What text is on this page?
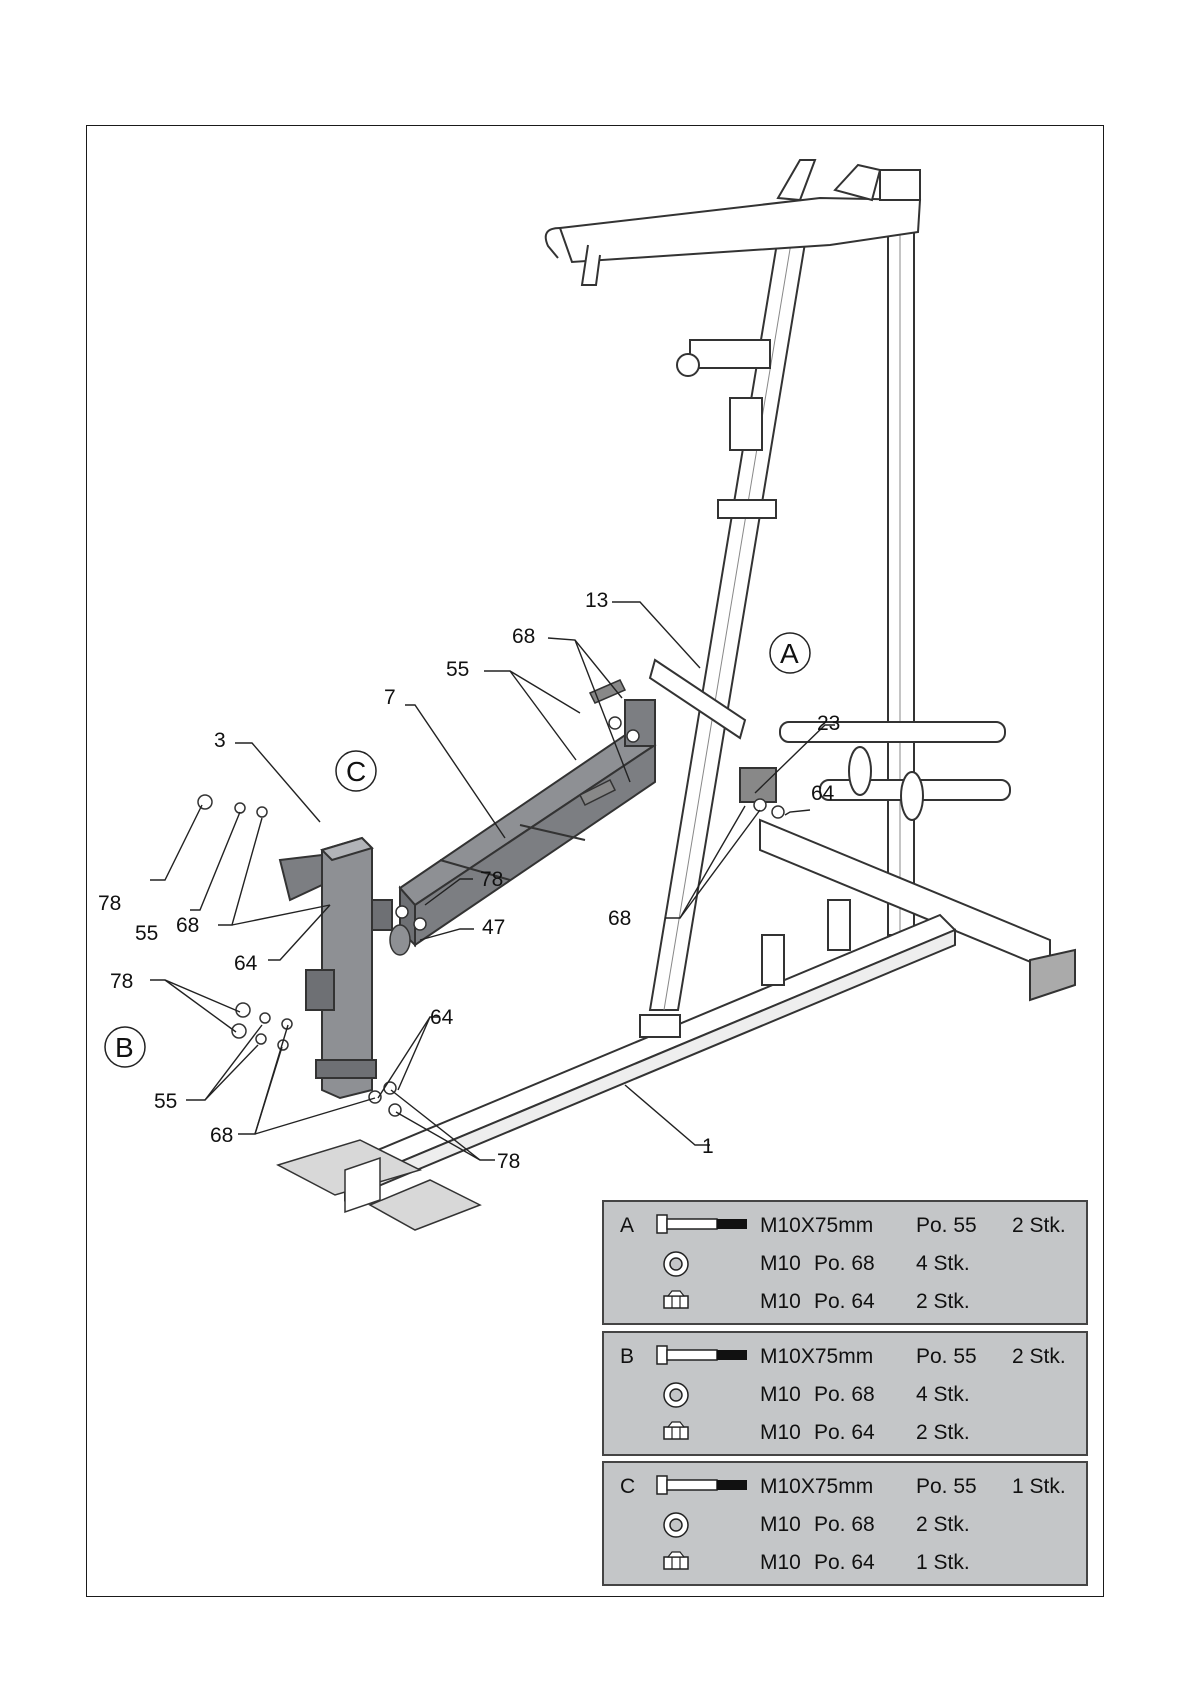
13
68
55
7
3
23
64
78
55 68
78
47
64
68
78
64
55
68
78
1
A
B
C
A	M10X75mm Po. 55 2 Stk.
M10 Po. 68 4 Stk.
M10 Po. 64 2 Stk.
B	M10X75mm Po. 55 2 Stk.
M10 Po. 68 4 Stk.
M10 Po. 64 2 Stk.
C	M10X75mm Po. 55 1 Stk.
M10 Po. 68 2 Stk.
M10 Po. 64 1 Stk.
